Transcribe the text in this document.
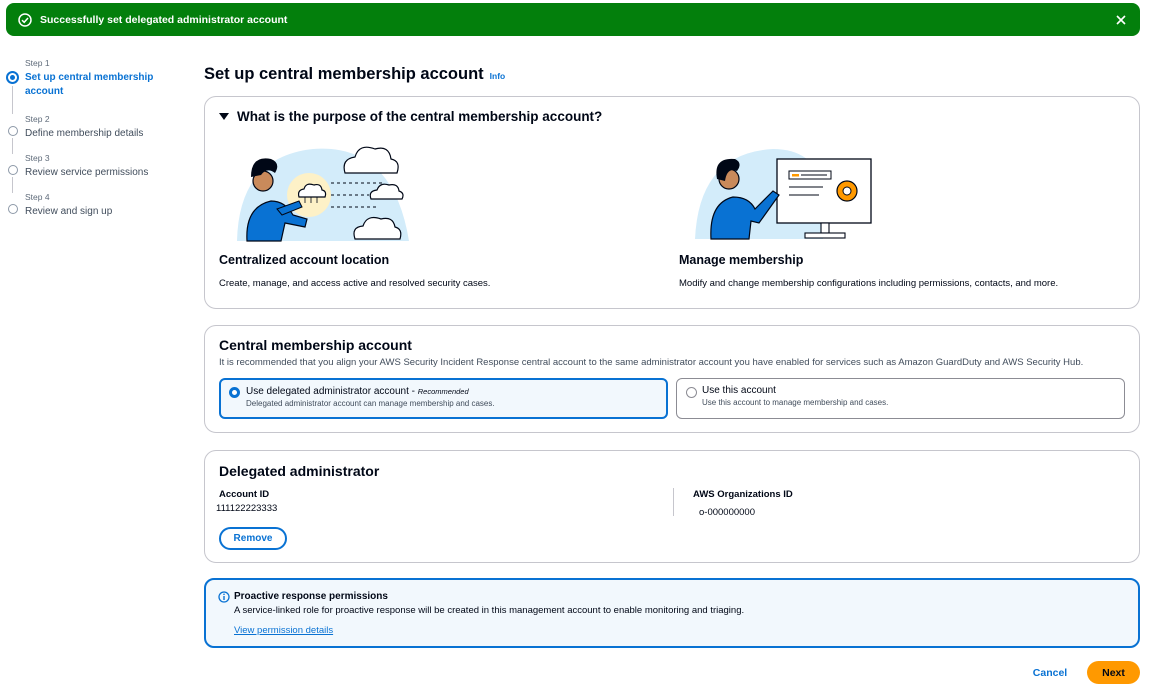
Successfully set delegated administrator account
Step 1
Set up central membership account
Step 2
Define membership details
Step 3
Review service permissions
Step 4
Review and sign up
Set up central membership account Info
What is the purpose of the central membership account?
Centralized account location
Create, manage, and access active and resolved security cases.
Manage membership
Modify and change membership configurations including permissions, contacts, and more.
Central membership account
It is recommended that you align your AWS Security Incident Response central account to the same administrator account you have enabled for services such as Amazon GuardDuty and AWS Security Hub.
Use delegated administrator account - Recommended
Delegated administrator account can manage membership and cases.
Use this account
Use this account to manage membership and cases.
Delegated administrator
Account ID
111122223333
AWS Organizations ID
o-000000000
Remove
Proactive response permissions
A service-linked role for proactive response will be created in this management account to enable monitoring and triaging.
View permission details
Cancel	Next
